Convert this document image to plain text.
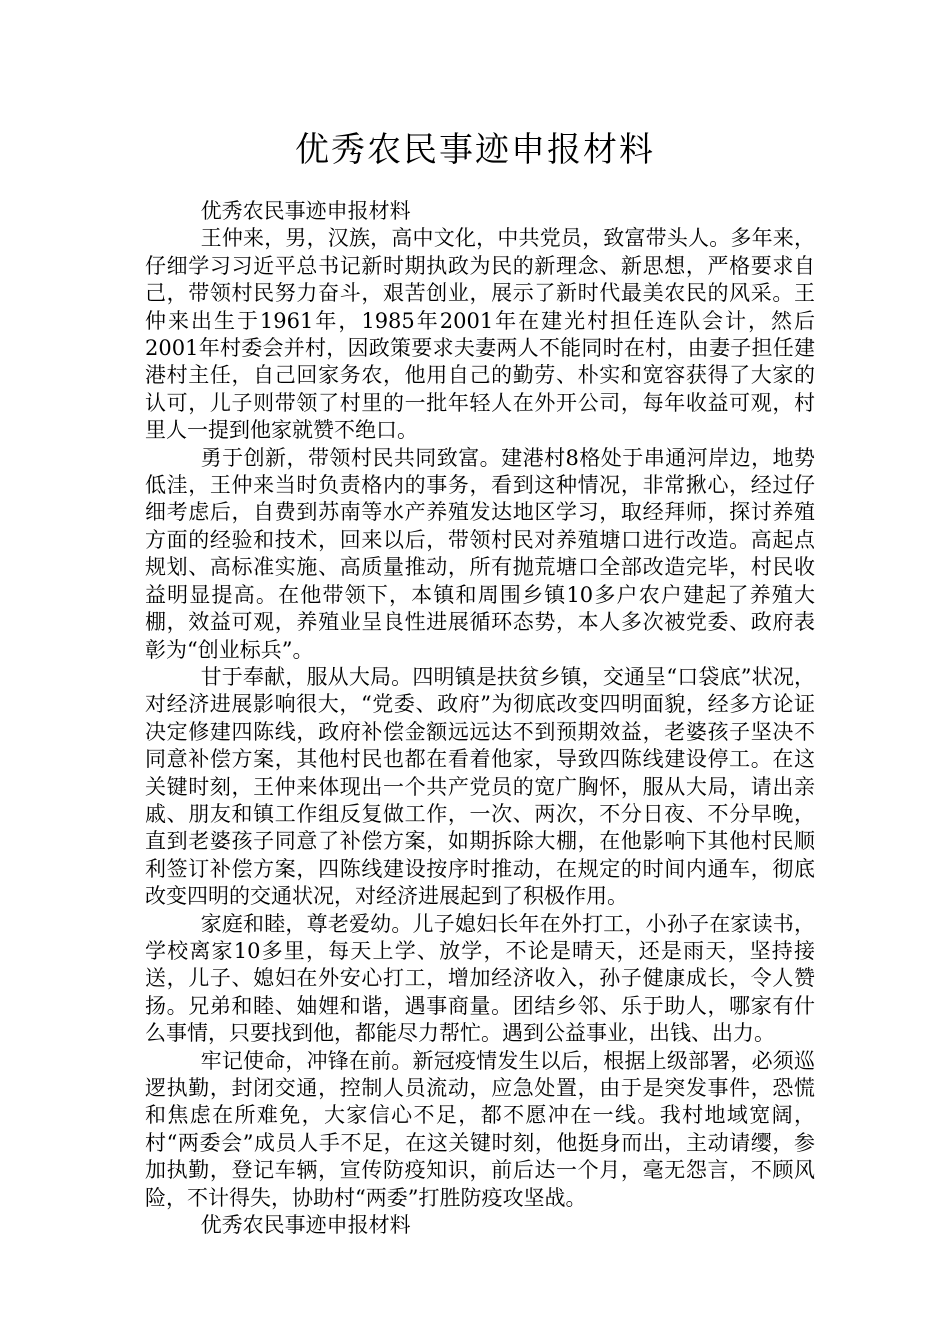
优秀农民事迹申报材料

优秀农民事迹申报材料

王仲来，男，汉族，高中文化，中共党员，致富带头人。多年来，仔细学习习近平总书记新时期执政为民的新理念、新思想，严格要求自己，带领村民努力奋斗，艰苦创业，展示了新时代最美农民的风采。王仲来出生于1961年，1985年2001年在建光村担任连队会计，然后2001年村委会并村，因政策要求夫妻两人不能同时在村，由妻子担任建港村主任，自己回家务农，他用自己的勤劳、朴实和宽容获得了大家的认可，儿子则带领了村里的一批年轻人在外开公司，每年收益可观，村里人一提到他家就赞不绝口。

勇于创新，带领村民共同致富。建港村8格处于串通河岸边，地势低洼，王仲来当时负责格内的事务，看到这种情况，非常揪心，经过仔细考虑后，自费到苏南等水产养殖发达地区学习，取经拜师，探讨养殖方面的经验和技术，回来以后，带领村民对养殖塘口进行改造。高起点规划、高标准实施、高质量推动，所有抛荒塘口全部改造完毕，村民收益明显提高。在他带领下，本镇和周围乡镇10多户农户建起了养殖大棚，效益可观，养殖业呈良性进展循环态势，本人多次被党委、政府表彰为“创业标兵”。

甘于奉献，服从大局。四明镇是扶贫乡镇，交通呈“口袋底”状况，对经济进展影响很大，“党委、政府”为彻底改变四明面貌，经多方论证决定修建四陈线，政府补偿金额远远达不到预期效益，老婆孩子坚决不同意补偿方案，其他村民也都在看着他家，导致四陈线建设停工。在这关键时刻，王仲来体现出一个共产党员的宽广胸怀，服从大局，请出亲戚、朋友和镇工作组反复做工作，一次、两次，不分日夜、不分早晚，直到老婆孩子同意了补偿方案，如期拆除大棚，在他影响下其他村民顺利签订补偿方案，四陈线建设按序时推动，在规定的时间内通车，彻底改变四明的交通状况，对经济进展起到了积极作用。

家庭和睦，尊老爱幼。儿子媳妇长年在外打工，小孙子在家读书，学校离家10多里，每天上学、放学，不论是晴天，还是雨天，坚持接送，儿子、媳妇在外安心打工，增加经济收入，孙子健康成长，令人赞扬。兄弟和睦、妯娌和谐，遇事商量。团结乡邻、乐于助人，哪家有什么事情，只要找到他，都能尽力帮忙。遇到公益事业，出钱、出力。

牢记使命，冲锋在前。新冠疫情发生以后，根据上级部署，必须巡逻执勤，封闭交通，控制人员流动，应急处置，由于是突发事件，恐慌和焦虑在所难免，大家信心不足，都不愿冲在一线。我村地域宽阔，村“两委会”成员人手不足，在这关键时刻，他挺身而出，主动请缨，参加执勤，登记车辆，宣传防疫知识，前后达一个月，毫无怨言，不顾风险，不计得失，协助村“两委”打胜防疫攻坚战。

优秀农民事迹申报材料
